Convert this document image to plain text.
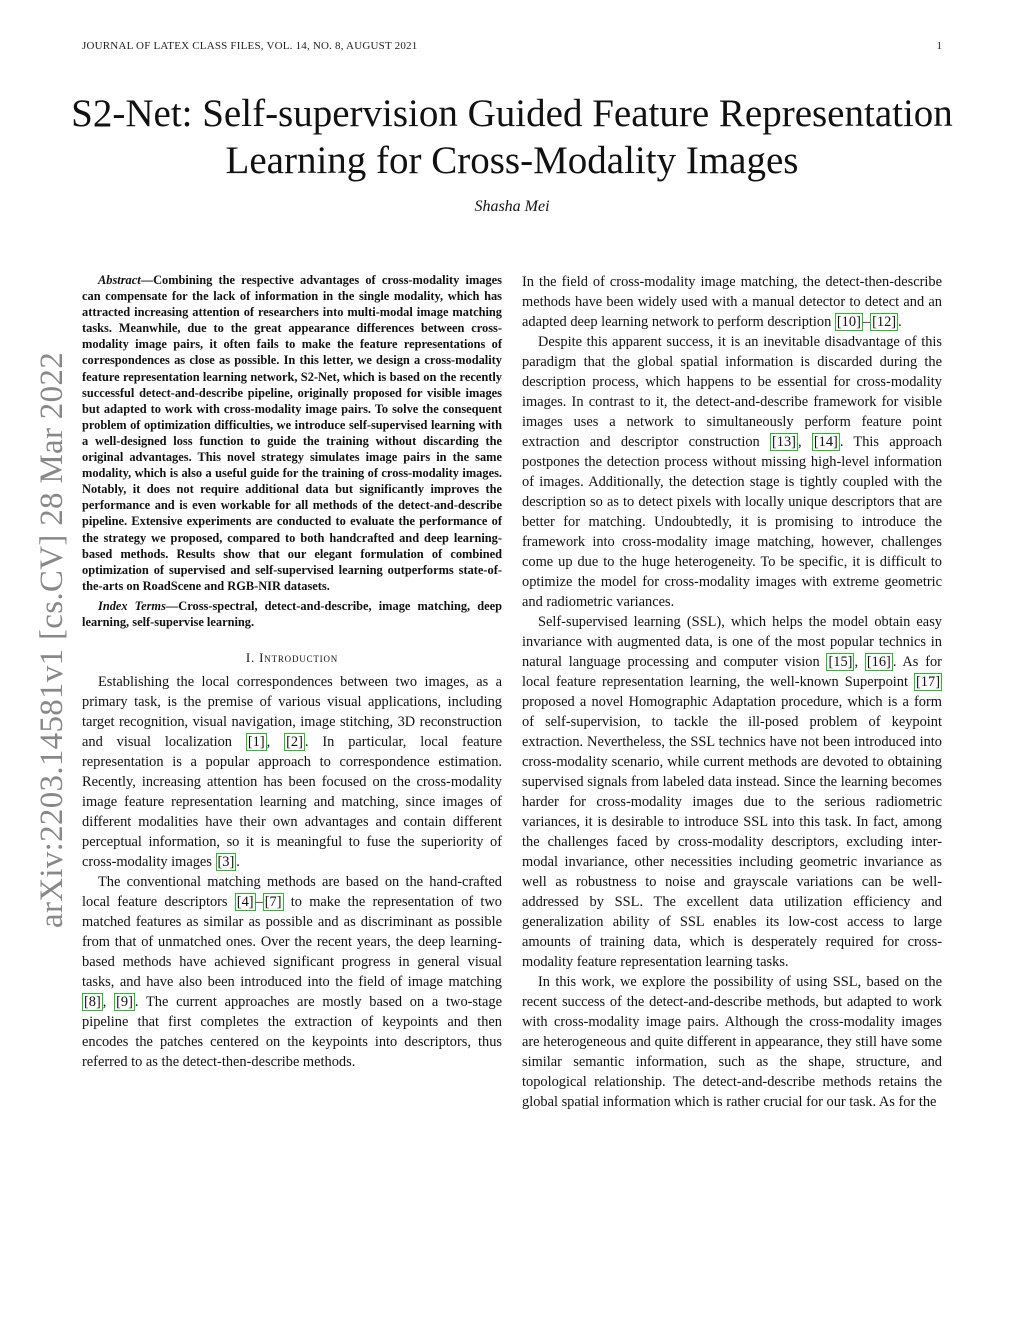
JOURNAL OF LATEX CLASS FILES, VOL. 14, NO. 8, AUGUST 2021	1
arXiv:2203.14581v1 [cs.CV] 28 Mar 2022
S2-Net: Self-supervision Guided Feature Representation Learning for Cross-Modality Images
Shasha Mei

Abstract—Combining the respective advantages of cross-modality images can compensate for the lack of information in the single modality, which has attracted increasing attention of researchers into multi-modal image matching tasks. Meanwhile, due to the great appearance differences between cross-modality image pairs, it often fails to make the feature representations of correspondences as close as possible. In this letter, we design a cross-modality feature representation learning network, S2-Net, which is based on the recently successful detect-and-describe pipeline, originally proposed for visible images but adapted to work with cross-modality image pairs. To solve the consequent problem of optimization difficulties, we introduce self-supervised learning with a well-designed loss function to guide the training without discarding the original advantages. This novel strategy simulates image pairs in the same modality, which is also a useful guide for the training of cross-modality images. Notably, it does not require additional data but significantly improves the performance and is even workable for all methods of the detect-and-describe pipeline. Extensive experiments are conducted to evaluate the performance of the strategy we proposed, compared to both handcrafted and deep learning-based methods. Results show that our elegant formulation of combined optimization of supervised and self-supervised learning outperforms state-of-the-arts on RoadScene and RGB-NIR datasets.

Index Terms—Cross-spectral, detect-and-describe, image matching, deep learning, self-supervise learning.

I. Introduction

Establishing the local correspondences between two images, as a primary task, is the premise of various visual applications, including target recognition, visual navigation, image stitching, 3D reconstruction and visual localization [1] , [2] . In particular, local feature representation is a popular approach to correspondence estimation. Recently, increasing attention has been focused on the cross-modality image feature representation learning and matching, since images of different modalities have their own advantages and contain different perceptual information, so it is meaningful to fuse the superiority of cross-modality images [3] .

The conventional matching methods are based on the hand-crafted local feature descriptors [4] – [7] to make the representation of two matched features as similar as possible and as discriminant as possible from that of unmatched ones. Over the recent years, the deep learning-based methods have achieved significant progress in general visual tasks, and have also been introduced into the field of image matching [8] , [9] . The current approaches are mostly based on a two-stage pipeline that first completes the extraction of keypoints and then encodes the patches centered on the keypoints into descriptors, thus referred to as the detect-then-describe methods.

In the field of cross-modality image matching, the detect-then-describe methods have been widely used with a manual detector to detect and an adapted deep learning network to perform description [10] – [12] .

Despite this apparent success, it is an inevitable disadvantage of this paradigm that the global spatial information is discarded during the description process, which happens to be essential for cross-modality images. In contrast to it, the detect-and-describe framework for visible images uses a network to simultaneously perform feature point extraction and descriptor construction [13] , [14] . This approach postpones the detection process without missing high-level information of images. Additionally, the detection stage is tightly coupled with the description so as to detect pixels with locally unique descriptors that are better for matching. Undoubtedly, it is promising to introduce the framework into cross-modality image matching, however, challenges come up due to the huge heterogeneity. To be specific, it is difficult to optimize the model for cross-modality images with extreme geometric and radiometric variances.

Self-supervised learning (SSL), which helps the model obtain easy invariance with augmented data, is one of the most popular technics in natural language processing and computer vision [15] , [16] . As for local feature representation learning, the well-known Superpoint [17] proposed a novel Homographic Adaptation procedure, which is a form of self-supervision, to tackle the ill-posed problem of keypoint extraction. Nevertheless, the SSL technics have not been introduced into cross-modality scenario, while current methods are devoted to obtaining supervised signals from labeled data instead. Since the learning becomes harder for cross-modality images due to the serious radiometric variances, it is desirable to introduce SSL into this task. In fact, among the challenges faced by cross-modality descriptors, excluding inter-modal invariance, other necessities including geometric invariance as well as robustness to noise and grayscale variations can be well-addressed by SSL. The excellent data utilization efficiency and generalization ability of SSL enables its low-cost access to large amounts of training data, which is desperately required for cross-modality feature representation learning tasks.

In this work, we explore the possibility of using SSL, based on the recent success of the detect-and-describe methods, but adapted to work with cross-modality image pairs. Although the cross-modality images are heterogeneous and quite different in appearance, they still have some similar semantic information, such as the shape, structure, and topological relationship. The detect-and-describe methods retains the global spatial information which is rather crucial for our task. As for the
